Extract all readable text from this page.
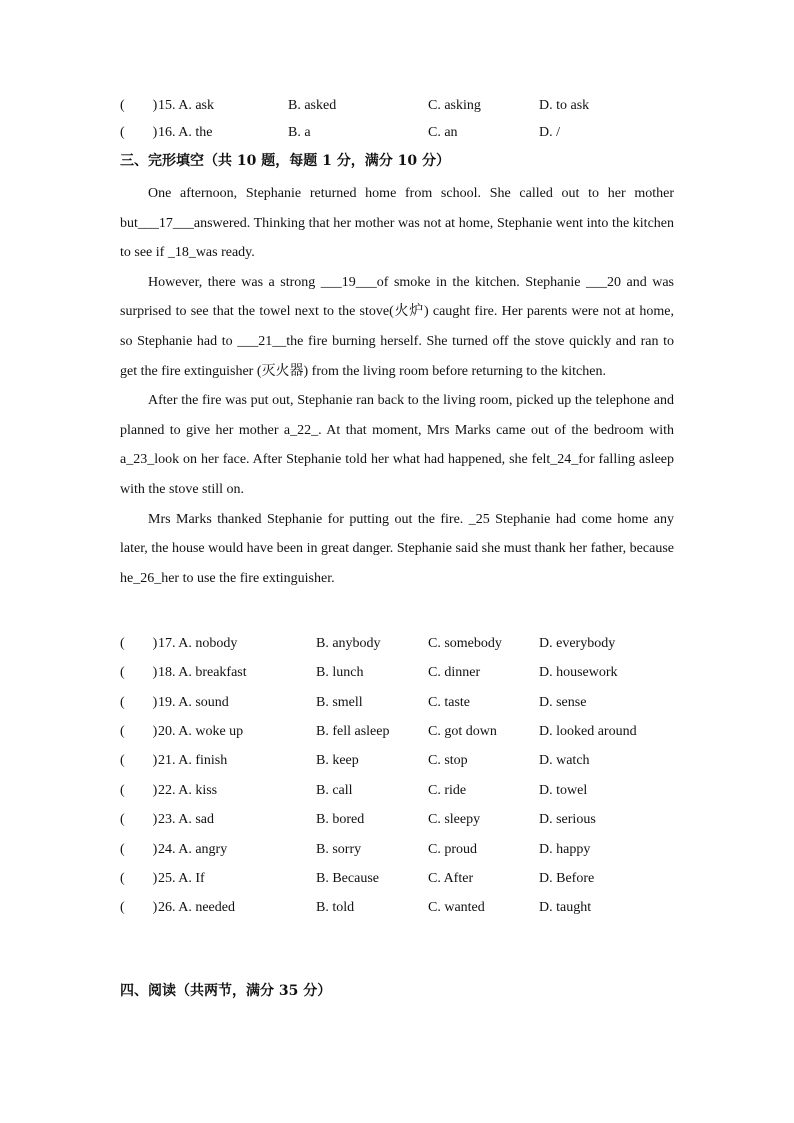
(　　) 15. A. ask	B. asked	C. asking	D. to ask
(　　) 16. A. the	B. a	C. an	D. /
三、完形填空（共 10 题，每题 1 分，满分 10 分）

One afternoon, Stephanie returned home from school. She called out to her mother but___17___answered. Thinking that her mother was not at home, Stephanie went into the kitchen to see if _18_was ready.

However, there was a strong ___19___of smoke in the kitchen. Stephanie ___20 and was surprised to see that the towel next to the stove(火炉) caught fire. Her parents were not at home, so Stephanie had to ___21__the fire burning herself. She turned off the stove quickly and ran to get the fire extinguisher (灭火器) from the living room before returning to the kitchen.

After the fire was put out, Stephanie ran back to the living room, picked up the telephone and planned to give her mother a_22_. At that moment, Mrs Marks came out of the bedroom with a_23_look on her face. After Stephanie told her what had happened, she felt_24_for falling asleep with the stove still on.

Mrs Marks thanked Stephanie for putting out the fire. _25 Stephanie had come home any later, the house would have been in great danger. Stephanie said she must thank her father, because he_26_her to use the fire extinguisher.

(　　) 17. A. nobody	B. anybody	C. somebody	D. everybody
(　　) 18. A. breakfast	B. lunch	C. dinner	D. housework
(　　) 19. A. sound	B. smell	C. taste	D. sense
(　　) 20. A. woke up	B. fell asleep	C. got down	D. looked around
(　　) 21. A. finish	B. keep	C. stop	D. watch
(　　) 22. A. kiss	B. call	C. ride	D. towel
(　　) 23. A. sad	B. bored	C. sleepy	D. serious
(　　) 24. A. angry	B. sorry	C. proud	D. happy
(　　) 25. A. If	B. Because	C. After	D. Before
(　　) 26. A. needed	B. told	C. wanted	D. taught
四、阅读（共两节，满分 35 分）
